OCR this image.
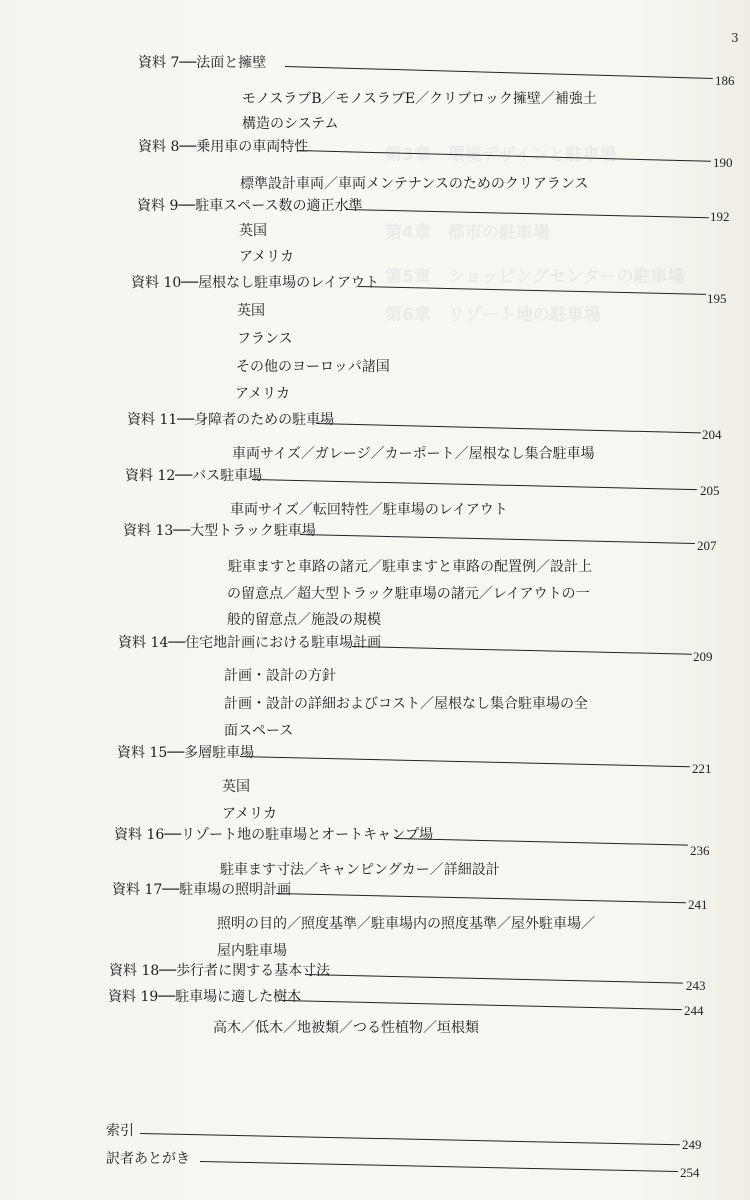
3
第3章　環境デザインと駐車場
第4章　都市の駐車場
第5章　ショッピングセンターの駐車場
第6章　リゾート地の駐車場
資料 7──法面と擁壁
186
モノスラブB／モノスラブE／クリブロック擁壁／補強土
構造のシステム
資料 8──乗用車の車両特性
190
標準設計車両／車両メンテナンスのためのクリアランス
資料 9──駐車スペース数の適正水準
192
英国
アメリカ
資料 10──屋根なし駐車場のレイアウト
195
英国
フランス
その他のヨーロッパ諸国
アメリカ
資料 11──身障者のための駐車場
204
車両サイズ／ガレージ／カーポート／屋根なし集合駐車場
資料 12──バス駐車場
205
車両サイズ／転回特性／駐車場のレイアウト
資料 13──大型トラック駐車場
207
駐車ますと車路の諸元／駐車ますと車路の配置例／設計上
の留意点／超大型トラック駐車場の諸元／レイアウトの一
般的留意点／施設の規模
資料 14──住宅地計画における駐車場計画
209
計画・設計の方針
計画・設計の詳細およびコスト／屋根なし集合駐車場の全
面スペース
資料 15──多層駐車場
221
英国
アメリカ
資料 16──リゾート地の駐車場とオートキャンプ場
236
駐車ます寸法／キャンピングカー／詳細設計
資料 17──駐車場の照明計画
241
照明の目的／照度基準／駐車場内の照度基準／屋外駐車場／
屋内駐車場
資料 18──歩行者に関する基本寸法
243
資料 19──駐車場に適した樹木
244
高木／低木／地被類／つる性植物／垣根類
索引
249
訳者あとがき
254
